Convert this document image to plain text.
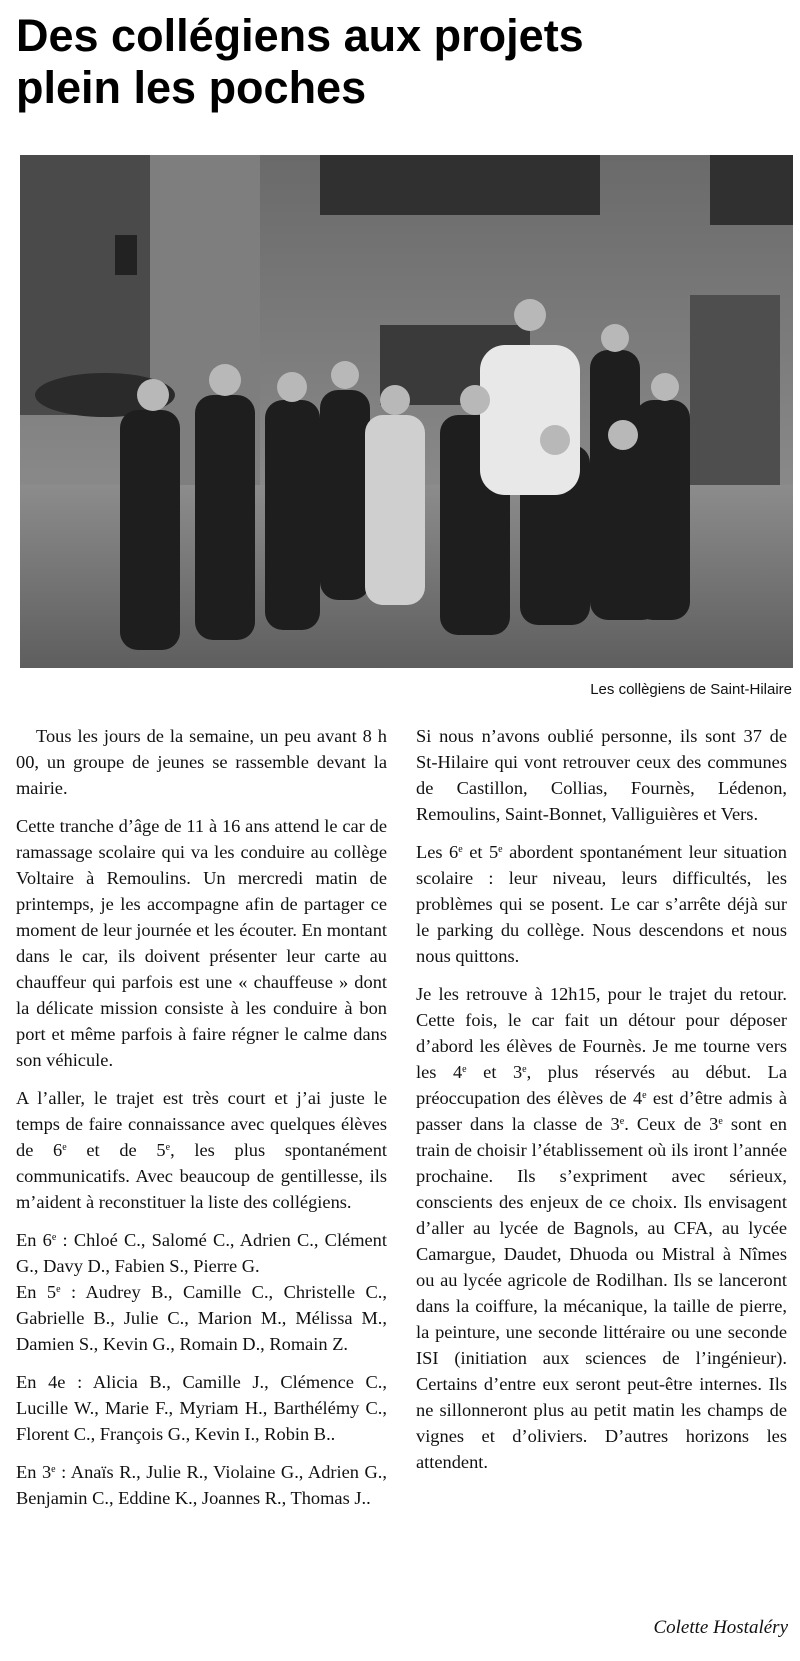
Des collégiens aux projets
plein les poches
Les collègiens de Saint-Hilaire

Tous les jours de la semaine, un peu avant 8 h 00, un groupe de jeunes se rassemble devant la mairie.

Cette tranche d’âge de 11 à 16 ans attend le car de ramassage scolaire qui va les conduire au collège Voltaire à Remoulins. Un mercredi matin de printemps, je les accompagne afin de partager ce moment de leur journée et les écouter. En montant dans le car, ils doivent présenter leur carte au chauffeur qui parfois est une « chauffeuse » dont la délicate mission consiste à les conduire à bon port et même parfois à faire régner le calme dans son véhicule.

A l’aller, le trajet est très court et j’ai juste le temps de faire connaissance avec quelques élèves de 6e et de 5e, les plus spontanément communicatifs. Avec beaucoup de gentillesse, ils m’aident à reconstituer la liste des collégiens.

En 6e : Chloé C., Salomé C., Adrien C., Clément G., Davy D., Fabien S., Pierre G.
En 5e : Audrey B., Camille C., Christelle C., Gabrielle B., Julie C., Marion M., Mélissa M., Damien S., Kevin G., Romain D., Romain Z.

En 4e : Alicia B., Camille J., Clémence C., Lucille W., Marie F., Myriam H., Barthélémy C., Florent C., François G., Kevin I., Robin B..

En 3e : Anaïs R., Julie R., Violaine G., Adrien G., Benjamin C., Eddine K., Joannes R., Thomas J..

Si nous n’avons oublié personne, ils sont 37 de St-Hilaire qui vont retrouver ceux des communes de Castillon, Collias, Fournès, Lédenon, Remoulins, Saint-Bonnet, Valliguières et Vers.

Les 6e et 5e abordent spontanément leur situation scolaire : leur niveau, leurs difficultés, les problèmes qui se posent. Le car s’arrête déjà sur le parking du collège. Nous descendons et nous nous quittons.

Je les retrouve à 12h15, pour le trajet du retour. Cette fois, le car fait un détour pour déposer d’abord les élèves de Fournès. Je me tourne vers les 4e et 3e, plus réservés au début. La préoccupation des élèves de 4e est d’être admis à passer dans la classe de 3e. Ceux de 3e sont en train de choisir l’établissement où ils iront l’année prochaine. Ils s’expriment avec sérieux, conscients des enjeux de ce choix. Ils envisagent d’aller au lycée de Bagnols, au CFA, au lycée Camargue, Daudet, Dhuoda ou Mistral à Nîmes ou au lycée agricole de Rodilhan. Ils se lanceront dans la coiffure, la mécanique, la taille de pierre, la peinture, une seconde littéraire ou une seconde ISI (initiation aux sciences de l’ingénieur). Certains d’entre eux seront peut-être internes. Ils ne sillonneront plus au petit matin les champs de vignes et d’oliviers. D’autres horizons les attendent.

Colette Hostaléry
